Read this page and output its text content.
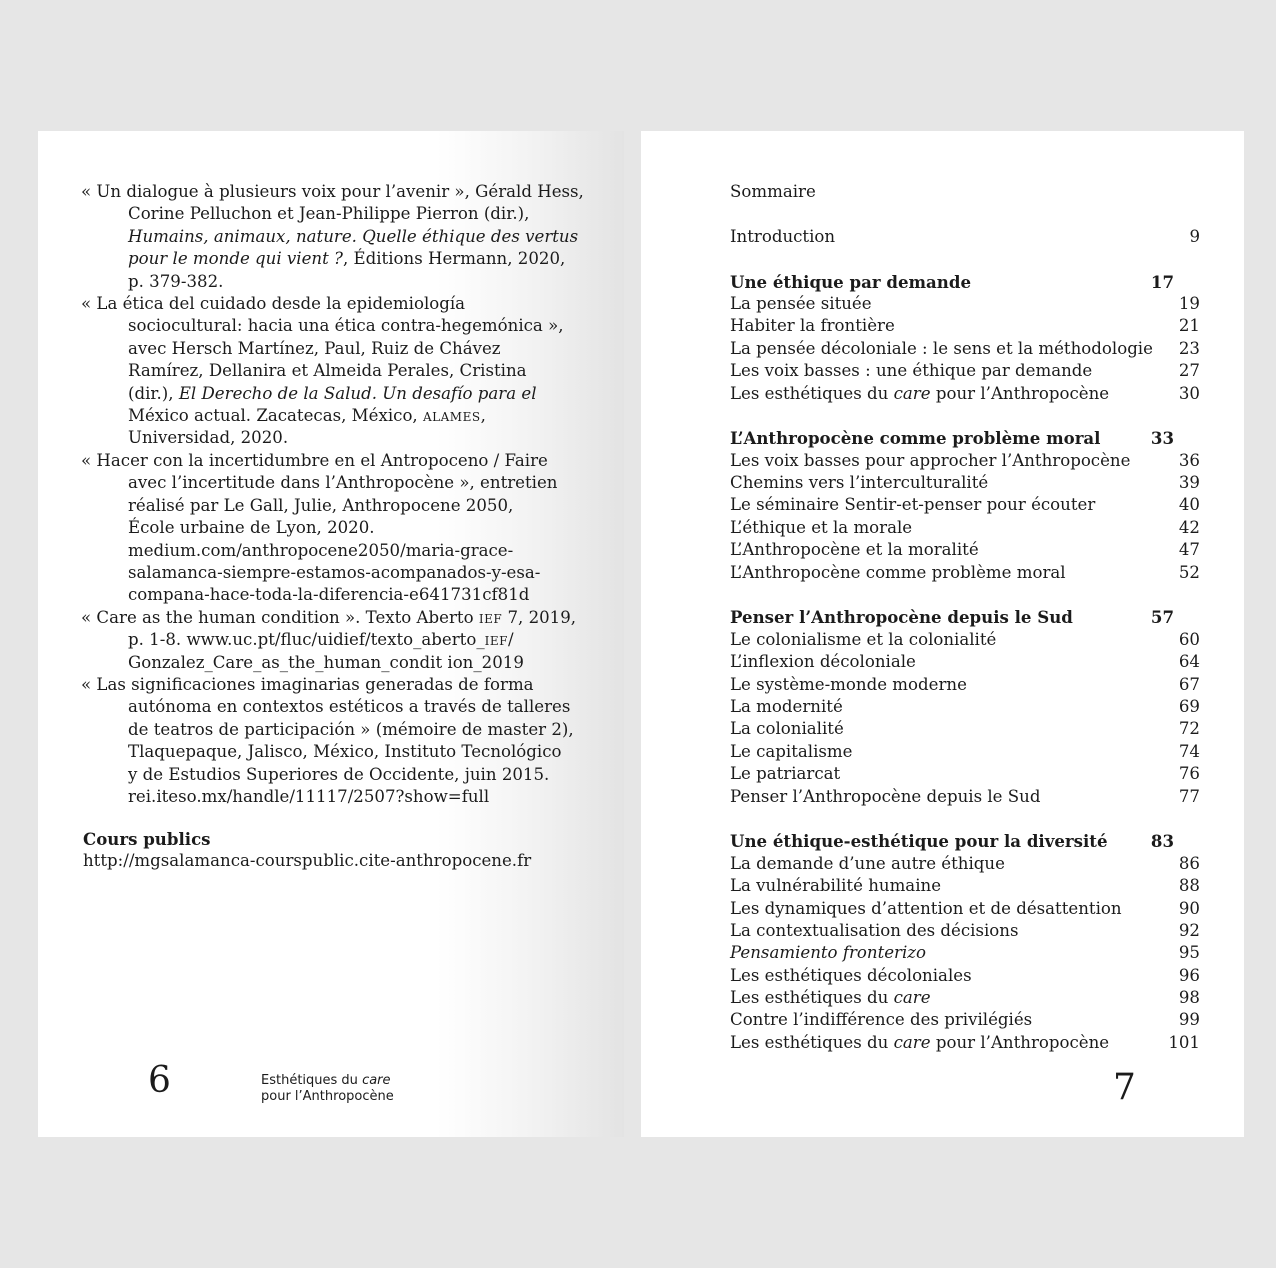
« Un dialogue à plusieurs voix pour l’avenir », Gérald Hess,
Corine Pelluchon et Jean-Philippe Pierron (dir.),
Humains, animaux, nature. Quelle éthique des vertus
pour le monde qui vient ?, Éditions Hermann, 2020,
p. 379-382.
« La ética del cuidado desde la epidemiología
sociocultural: hacia una ética contra-hegemónica »,
avec Hersch Martínez, Paul, Ruiz de Chávez
Ramírez, Dellanira et Almeida Perales, Cristina
(dir.), El Derecho de la Salud. Un desafío para el
México actual. Zacatecas, México, alames,
Universidad, 2020.
« Hacer con la incertidumbre en el Antropoceno / Faire
avec l’incertitude dans l’Anthropocène », entretien
réalisé par Le Gall, Julie, Anthropocene 2050,
École urbaine de Lyon, 2020.
medium.com/anthropocene2050/maria-grace-
salamanca-siempre-estamos-acompanados-y-esa-
compana-hace-toda-la-diferencia-e641731cf81d
« Care as the human condition ». Texto Aberto ief 7, 2019,
p. 1-8. www.uc.pt/fluc/uidief/texto_aberto_ief/
Gonzalez_Care_as_the_human_condit ion_2019
« Las significaciones imaginarias generadas de forma
autónoma en contextos estéticos a través de talleres
de teatros de participación » (mémoire de master 2),
Tlaquepaque, Jalisco, México, Instituto Tecnológico
y de Estudios Superiores de Occidente, juin 2015.
rei.iteso.mx/handle/11117/2507?show=full
Cours publics
http://mgsalamanca-courspublic.cite-anthropocene.fr
6	Esthétiques du care
pour l’Anthropocène
Sommaire
Introduction	9
Une éthique par demande	17
La pensée située	19
Habiter la frontière	21
La pensée décoloniale : le sens et la méthodologie 23
Les voix basses : une éthique par demande	27
Les esthétiques du care pour l’Anthropocène	30
L’Anthropocène comme problème moral	33
Les voix basses pour approcher l’Anthropocène	36
Chemins vers l’interculturalité	39
Le séminaire Sentir-et-penser pour écouter	40
L’éthique et la morale	42
L’Anthropocène et la moralité	47
L’Anthropocène comme problème moral	52
Penser l’Anthropocène depuis le Sud	57
Le colonialisme et la colonialité	60
L’inflexion décoloniale	64
Le système-monde moderne	67
La modernité	69
La colonialité	72
Le capitalisme	74
Le patriarcat	76
Penser l’Anthropocène depuis le Sud	77
Une éthique-esthétique pour la diversité	83
La demande d’une autre éthique	86
La vulnérabilité humaine	88
Les dynamiques d’attention et de désattention	90
La contextualisation des décisions	92
Pensamiento fronterizo	95
Les esthétiques décoloniales	96
Les esthétiques du care	98
Contre l’indifférence des privilégiés	99
Les esthétiques du care pour l’Anthropocène	101
7
